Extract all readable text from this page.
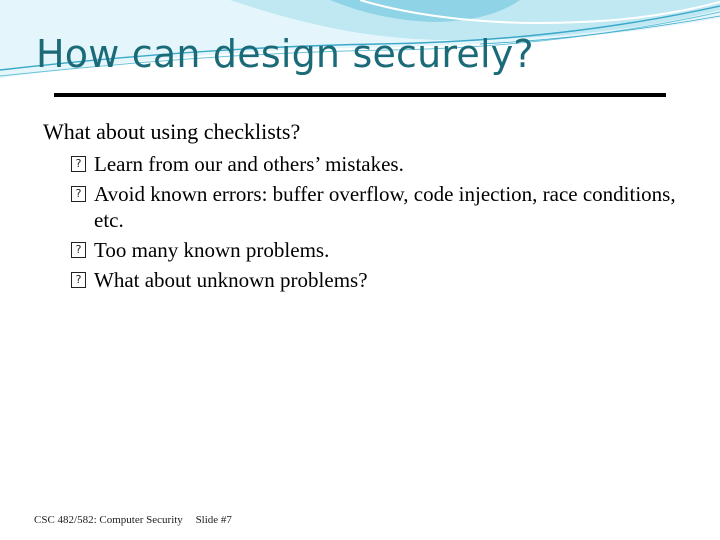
How can design securely?

What about using checklists?

? Learn from our and others’ mistakes.
? Avoid known errors: buffer overflow, code injection, race conditions, etc.
? Too many known problems.
? What about unknown problems?
CSC 482/582: Computer Security Slide #7
